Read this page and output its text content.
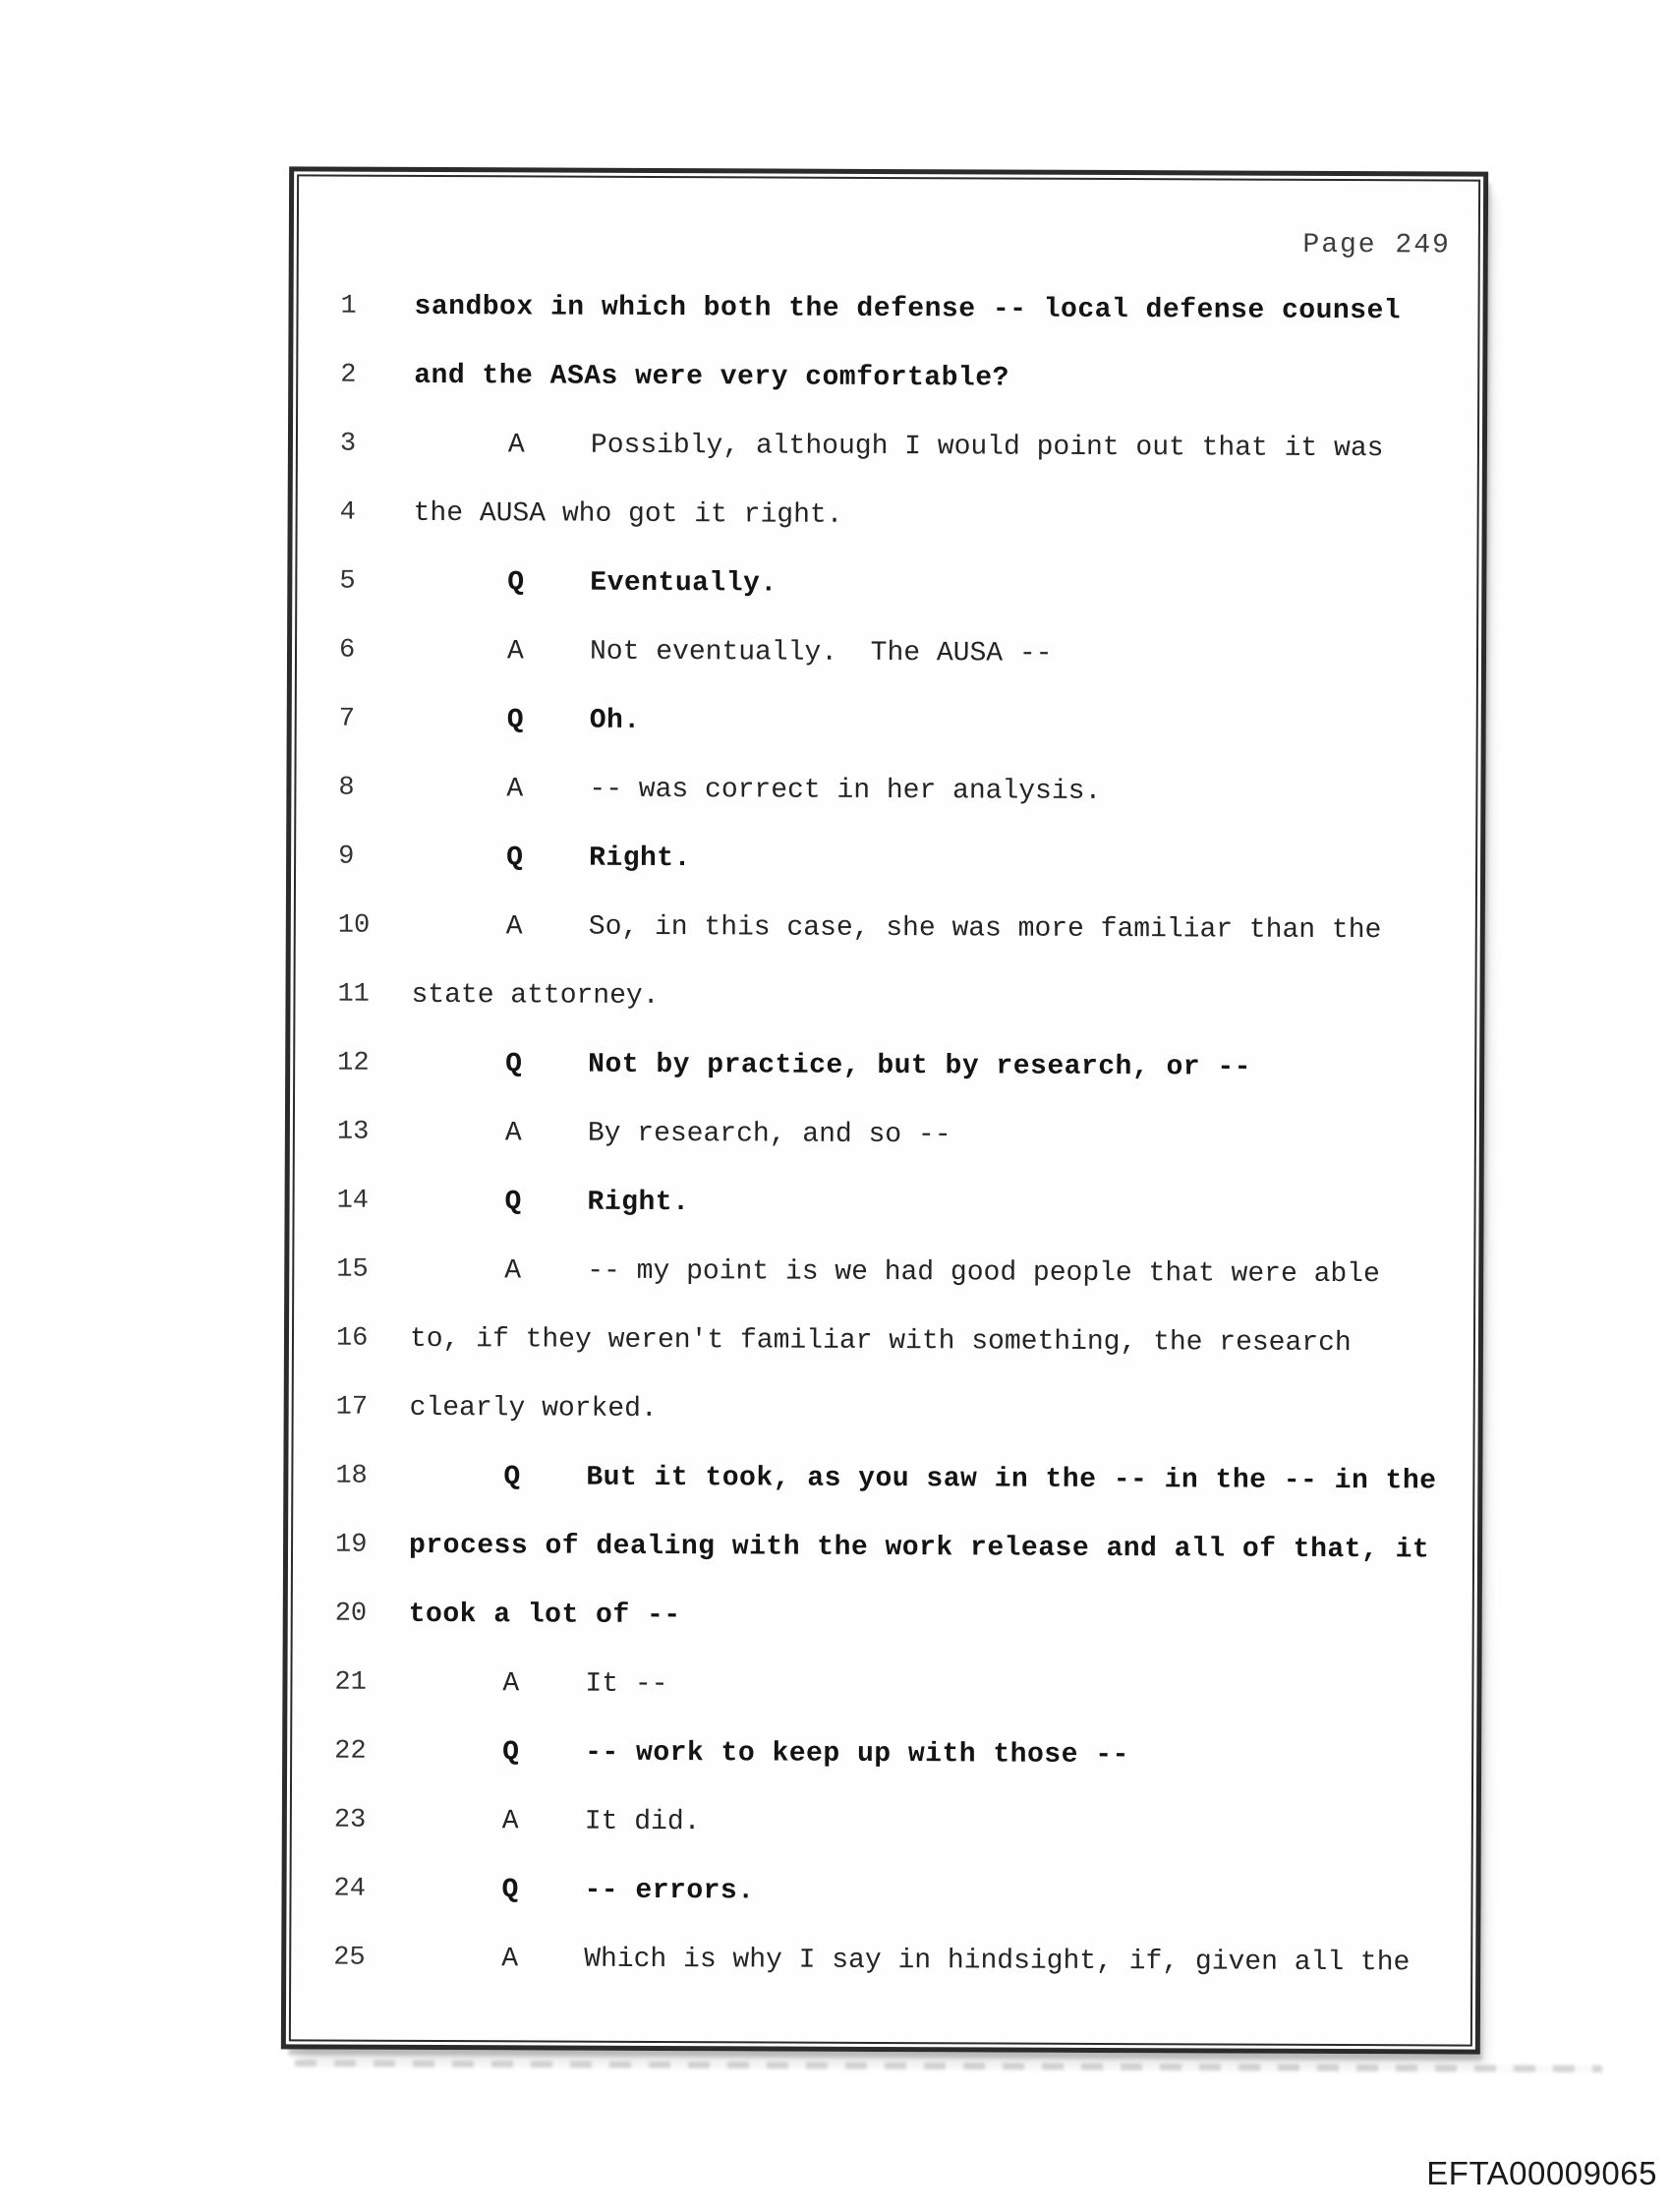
Page 249
1	sandbox in which both the defense -- local defense counsel
2	and the ASAs were very comfortable?
3	A Possibly, although I would point out that it was
4	the AUSA who got it right.
5	Q Eventually.
6	A Not eventually.  The AUSA --
7	Q Oh.
8	A -- was correct in her analysis.
9	Q Right.
10	A So, in this case, she was more familiar than the
11	state attorney.
12	Q Not by practice, but by research, or --
13	A By research, and so --
14	Q Right.
15	A -- my point is we had good people that were able
16	to, if they weren't familiar with something, the research
17	clearly worked.
18	Q But it took, as you saw in the -- in the -- in the
19	process of dealing with the work release and all of that, it
20	took a lot of --
21	A It --
22	Q -- work to keep up with those --
23	A It did.
24	Q -- errors.
25	A Which is why I say in hindsight, if, given all the
EFTA00009065
